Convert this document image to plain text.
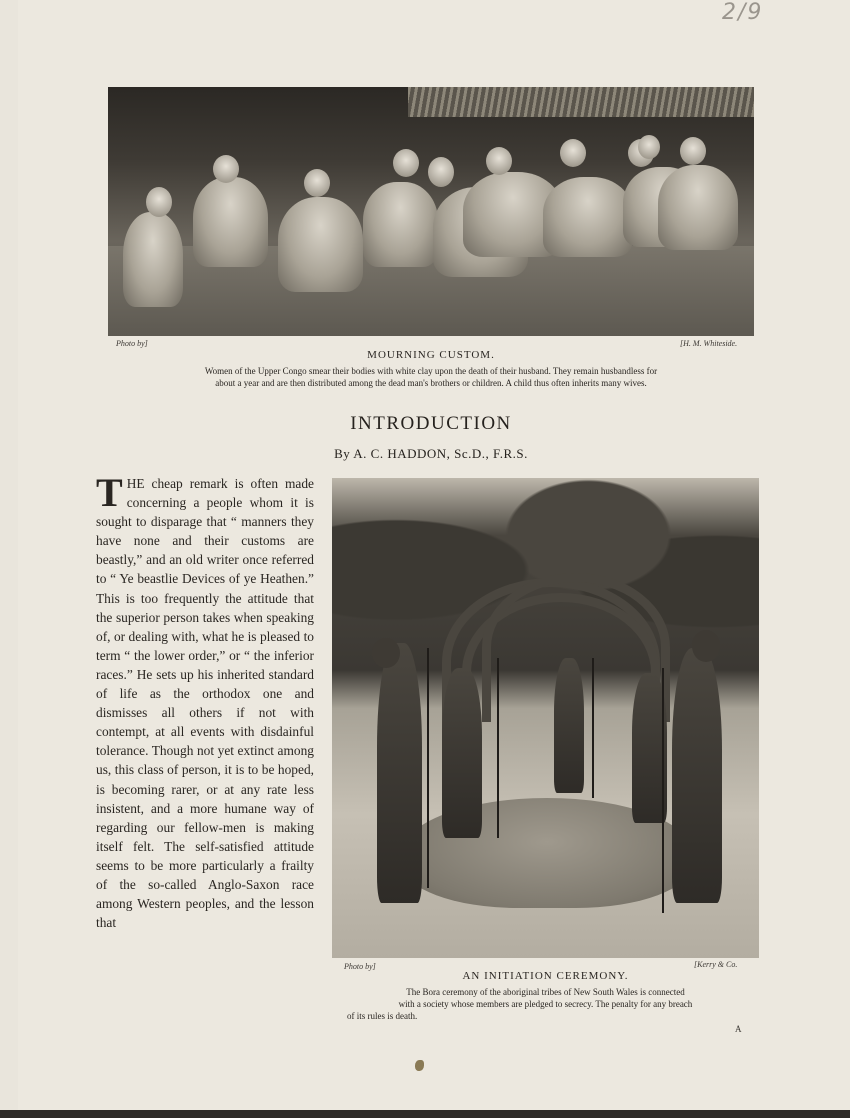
2/9
Photo by]	[H. M. Whiteside.
MOURNING CUSTOM.
Women of the Upper Congo smear their bodies with white clay upon the death of their husband. They remain husbandless for
about a year and are then distributed among the dead man's brothers or children. A child thus often inherits many wives.
INTRODUCTION
By A. C. HADDON, Sc.D., F.R.S.

THE cheap remark is often made concerning a people whom it is sought to disparage that “ manners they have none and their customs are beastly,” and an old writer once referred to “ Ye beastlie Devices of ye Heathen.” This is too frequently the attitude that the superior person takes when speaking of, or dealing with, what he is pleased to term “ the lower order,” or “ the inferior races.” He sets up his inherited standard of life as the orthodox one and dismisses all others if not with contempt, at all events with disdainful tolerance. Though not yet extinct among us, this class of person, it is to be hoped, is becoming rarer, or at any rate less insistent, and a more humane way of regarding our fellow-men is making itself felt. The self-satisfied attitude seems to be more particularly a frailty of the so-called Anglo-Saxon race among Western peoples, and the lesson that

Photo by]	[Kerry & Co.
AN INITIATION CEREMONY.
The Bora ceremony of the aboriginal tribes of New South Wales is connected
with a society whose members are pledged to secrecy. The penalty for any breach
of its rules is death.
A
